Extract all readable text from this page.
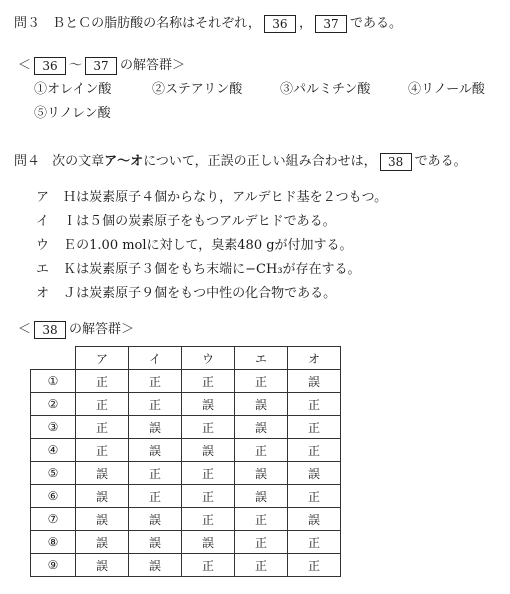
問３ ＢとＣの脂肪酸の名称はそれぞれ， 36 ， 37 である。
＜ 36 〜 37 の解答群＞
①オレイン酸	②ステアリン酸	③パルミチン酸	④リノール酸
⑤リノレン酸
問４ 次の文章ア〜オについて，正誤の正しい組み合わせは， 38 である。
ア Ｈは炭素原子４個からなり，アルデヒド基を２つもつ。
イ Ｉは５個の炭素原子をもつアルデヒドである。
ウ Ｅの1.00 molに対して，臭素480 gが付加する。
エ Ｋは炭素原子３個をもち末端に−CH₃が存在する。
オ Ｊは炭素原子９個をもつ中性の化合物である。
＜ 38 の解答群＞
	ア	イ	ウ	エ	オ
①	正	正	正	正	誤
②	正	正	誤	誤	正
③	正	誤	正	誤	正
④	正	誤	誤	正	正
⑤	誤	正	正	誤	誤
⑥	誤	正	正	誤	正
⑦	誤	誤	正	正	誤
⑧	誤	誤	誤	正	正
⑨	誤	誤	正	正	正
